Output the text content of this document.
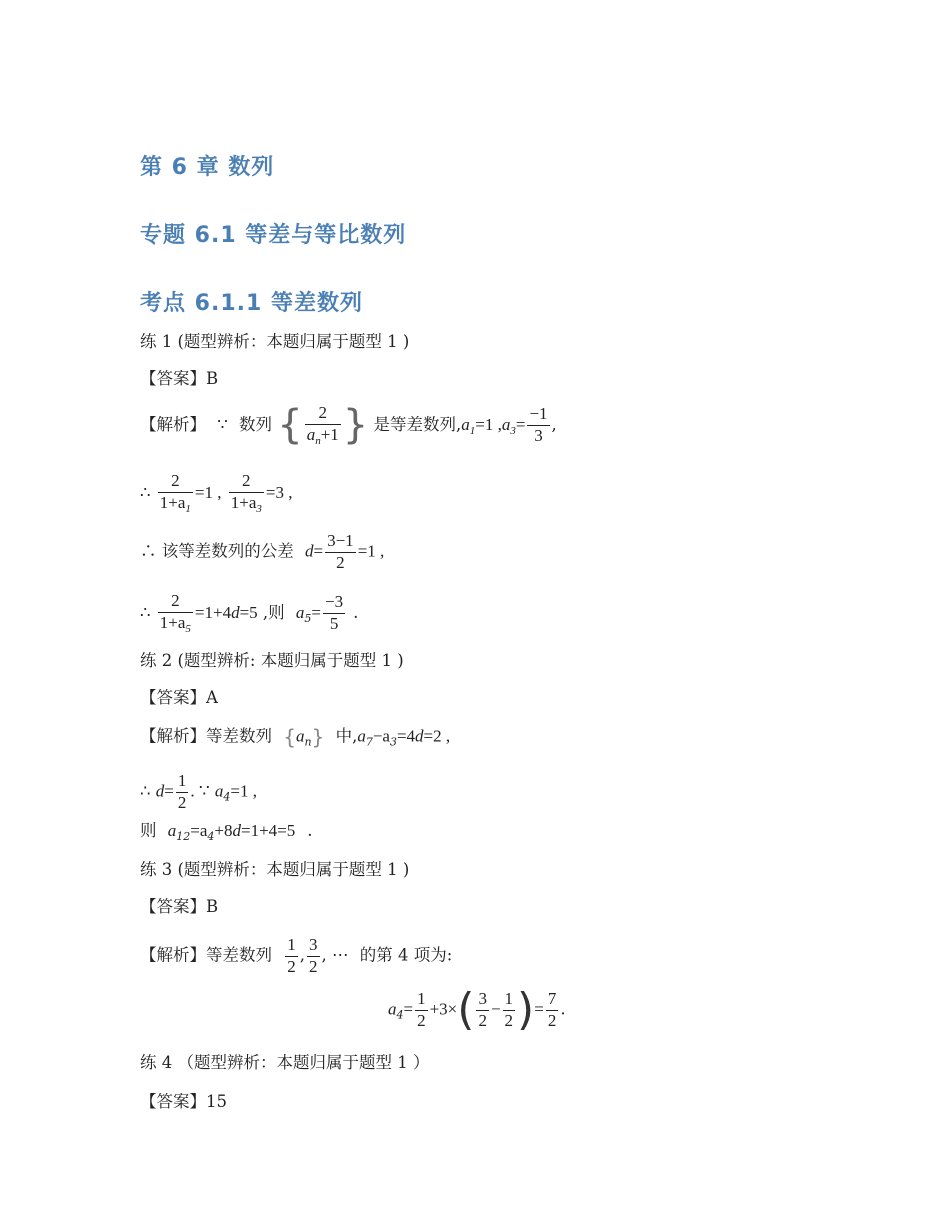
第 6 章 数列
专题 6.1 等差与等比数列
考点 6.1.1 等差数列
练 1 (题型辨析：本题归属于题型 1 )
【答案】B
【解析】 ∵ 数列 { $\frac{2}{a_n+1}$ } 是等差数列$,a_1=1$ $,a_3= \frac{-1}{3}$ ,
∴ $\frac{2}{1+a_1} =1$ , $\frac{2}{1+a_3} =3$ ,
∴ 该等差数列的公差 $d= \frac{3-1}{2} =1$ ,
∴ $\frac{2}{1+a_5} =1+4d=5$ ,则 $a_5= \frac{-3}{5}$ .
练 2 (题型辨析: 本题归属于题型 1 )
【答案】A
【解析】等差数列 $\{a_n\}$ 中$,a_7-a_3=4d=2$ ,
∴ $d= \frac{1}{2}$ . ∵ $a_4=1$ ,
则 $a_{12}=a_4+8d=1+4=5$ .
练 3 (题型辨析：本题归属于题型 1 )
【答案】B
【解析】等差数列 $\frac{1}{2}$ , $\frac{3}{2}$ , ⋯ 的第 4 项为:
$a_4= \frac{1}{2} +3\times( \frac{3}{2} - \frac{1}{2}$ )= $\frac{7}{2}$ .
练 4 （题型辨析：本题归属于题型 1 ）
【答案】15
